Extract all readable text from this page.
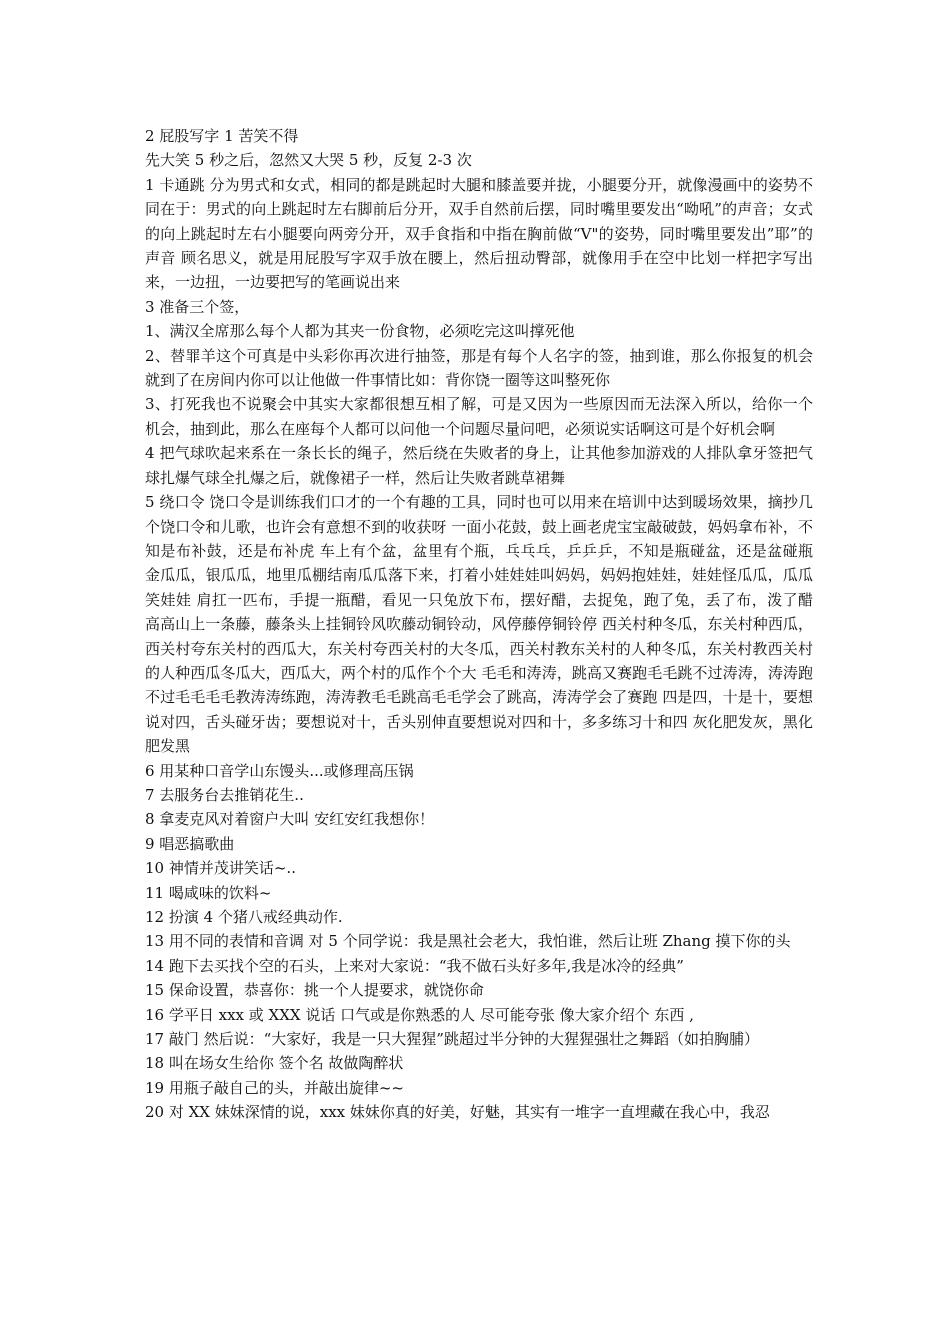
2 屁股写字 1 苦笑不得

先大笑 5 秒之后，忽然又大哭 5 秒，反复 2-3 次

1 卡通跳 分为男式和女式，相同的都是跳起时大腿和膝盖要并拢，小腿要分开，就像漫画中的姿势不同在于：男式的向上跳起时左右脚前后分开，双手自然前后摆，同时嘴里要发出“呦吼”的声音；女式的向上跳起时左右小腿要向两旁分开，双手食指和中指在胸前做“V"的姿势，同时嘴里要发出”耶”的声音 顾名思义，就是用屁股写字双手放在腰上，然后扭动臀部，就像用手在空中比划一样把字写出来，一边扭，一边要把写的笔画说出来

3 准备三个签，

1、满汉全席那么每个人都为其夹一份食物，必须吃完这叫撑死他

2、替罪羊这个可真是中头彩你再次进行抽签，那是有每个人名字的签，抽到谁，那么你报复的机会就到了在房间内你可以让他做一件事情比如：背你饶一圈等这叫整死你

3、打死我也不说聚会中其实大家都很想互相了解，可是又因为一些原因而无法深入所以，给你一个机会，抽到此，那么在座每个人都可以问他一个问题尽量问吧，必须说实话啊这可是个好机会啊

4 把气球吹起来系在一条长长的绳子，然后绕在失败者的身上，让其他参加游戏的人排队拿牙签把气球扎爆气球全扎爆之后，就像裙子一样，然后让失败者跳草裙舞

5 绕口令 饶口令是训练我们口才的一个有趣的工具，同时也可以用来在培训中达到暖场效果，摘抄几个饶口令和儿歌，也许会有意想不到的收获呀 一面小花鼓，鼓上画老虎宝宝敲破鼓，妈妈拿布补，不知是布补鼓，还是布补虎 车上有个盆，盆里有个瓶，乓乓乓，乒乒乒，不知是瓶碰盆，还是盆碰瓶 金瓜瓜，银瓜瓜，地里瓜棚结南瓜瓜落下来，打着小娃娃娃叫妈妈，妈妈抱娃娃，娃娃怪瓜瓜，瓜瓜笑娃娃 肩扛一匹布，手提一瓶醋，看见一只兔放下布，摆好醋，去捉兔，跑了兔，丢了布，泼了醋 高高山上一条藤，藤条头上挂铜铃风吹藤动铜铃动，风停藤停铜铃停 西关村种冬瓜，东关村种西瓜，西关村夸东关村的西瓜大，东关村夸西关村的大冬瓜，西关村教东关村的人种冬瓜，东关村教西关村的人种西瓜冬瓜大，西瓜大，两个村的瓜作个个大 毛毛和涛涛，跳高又赛跑毛毛跳不过涛涛，涛涛跑不过毛毛毛毛教涛涛练跑，涛涛教毛毛跳高毛毛学会了跳高，涛涛学会了赛跑 四是四，十是十，要想说对四，舌头碰牙齿；要想说对十，舌头别伸直要想说对四和十，多多练习十和四 灰化肥发灰，黑化肥发黑

6 用某种口音学山东馒头...或修理高压锅

7 去服务台去推销花生..

8 拿麦克风对着窗户大叫 安红安红我想你！

9 唱恶搞歌曲

10 神情并茂讲笑话~..

11 喝咸味的饮料~

12 扮演 4 个猪八戒经典动作.

13 用不同的表情和音调 对 5 个同学说：我是黑社会老大，我怕谁，然后让班 Zhang 摸下你的头

14 跑下去买找个空的石头，上来对大家说：“我不做石头好多年,我是冰冷的经典”

15 保命设置，恭喜你：挑一个人提要求，就饶你命

16 学平日 xxx 或 XXX 说话 口气或是你熟悉的人 尽可能夸张 像大家介绍个 东西 ,

17 敲门 然后说：“大家好，我是一只大猩猩”跳超过半分钟的大猩猩强壮之舞蹈（如拍胸脯）

18 叫在场女生给你 签个名 故做陶醉状

19 用瓶子敲自己的头，并敲出旋律~~

20 对 XX 妹妹深情的说，xxx 妹妹你真的好美，好魅，其实有一堆字一直埋藏在我心中，我忍
